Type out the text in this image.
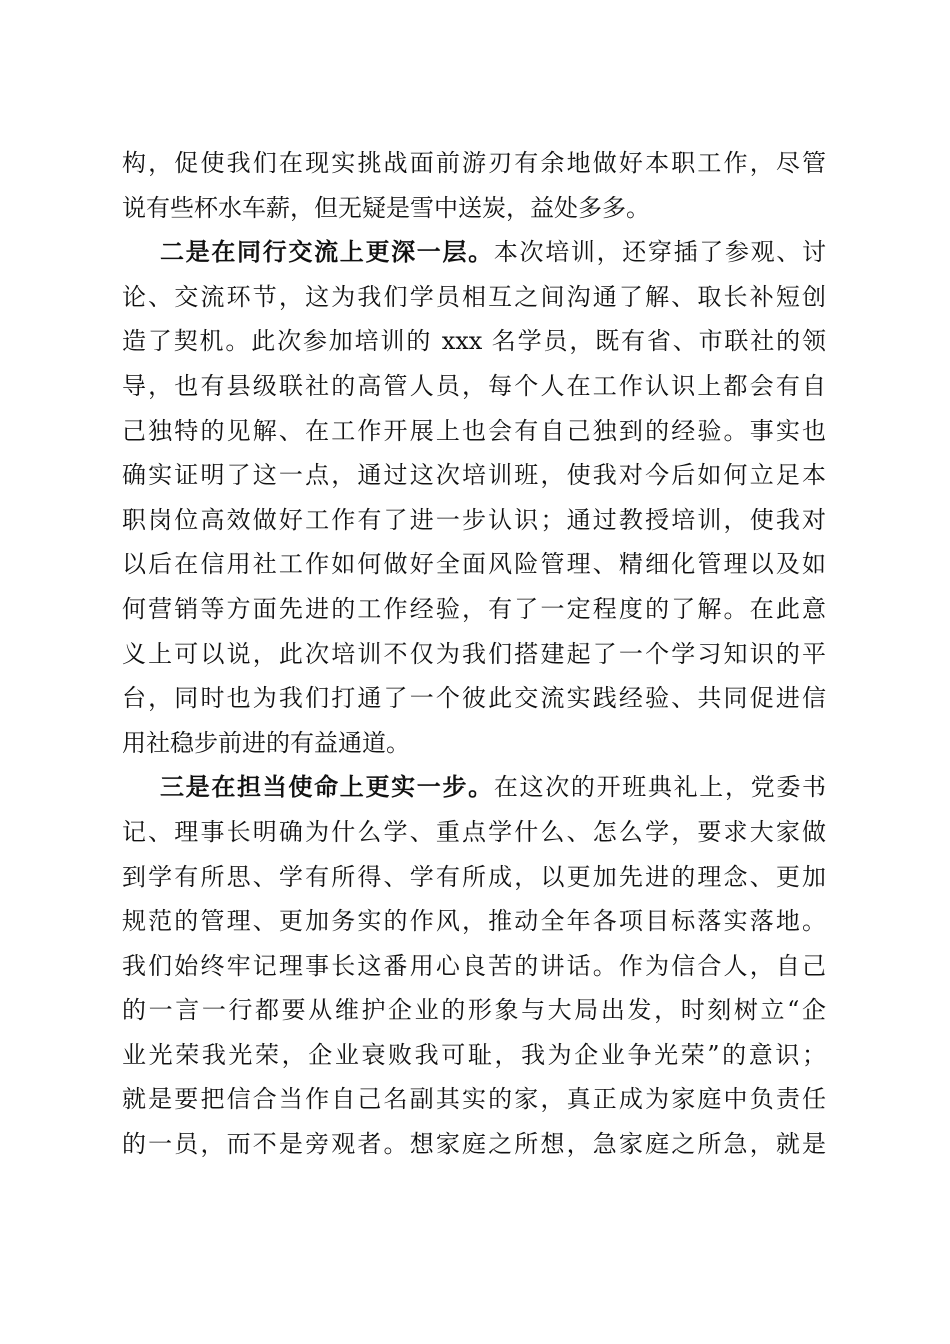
构，促使我们在现实挑战面前游刃有余地做好本职工作，尽管
说有些杯水车薪，但无疑是雪中送炭，益处多多。
二是在同行交流上更深一层。本次培训，还穿插了参观、讨
论、交流环节，这为我们学员相互之间沟通了解、取长补短创
造了契机。此次参加培训的 xxx 名学员，既有省、市联社的领
导，也有县级联社的高管人员，每个人在工作认识上都会有自
己独特的见解、在工作开展上也会有自己独到的经验。事实也
确实证明了这一点，通过这次培训班，使我对今后如何立足本
职岗位高效做好工作有了进一步认识；通过教授培训，使我对
以后在信用社工作如何做好全面风险管理、精细化管理以及如
何营销等方面先进的工作经验，有了一定程度的了解。在此意
义上可以说，此次培训不仅为我们搭建起了一个学习知识的平
台，同时也为我们打通了一个彼此交流实践经验、共同促进信
用社稳步前进的有益通道。
三是在担当使命上更实一步。在这次的开班典礼上，党委书
记、理事长明确为什么学、重点学什么、怎么学，要求大家做
到学有所思、学有所得、学有所成，以更加先进的理念、更加
规范的管理、更加务实的作风，推动全年各项目标落实落地。
我们始终牢记理事长这番用心良苦的讲话。作为信合人，自己
的一言一行都要从维护企业的形象与大局出发，时刻树立“企
业光荣我光荣，企业衰败我可耻，我为企业争光荣”的意识；
就是要把信合当作自己名副其实的家，真正成为家庭中负责任
的一员，而不是旁观者。想家庭之所想，急家庭之所急，就是
